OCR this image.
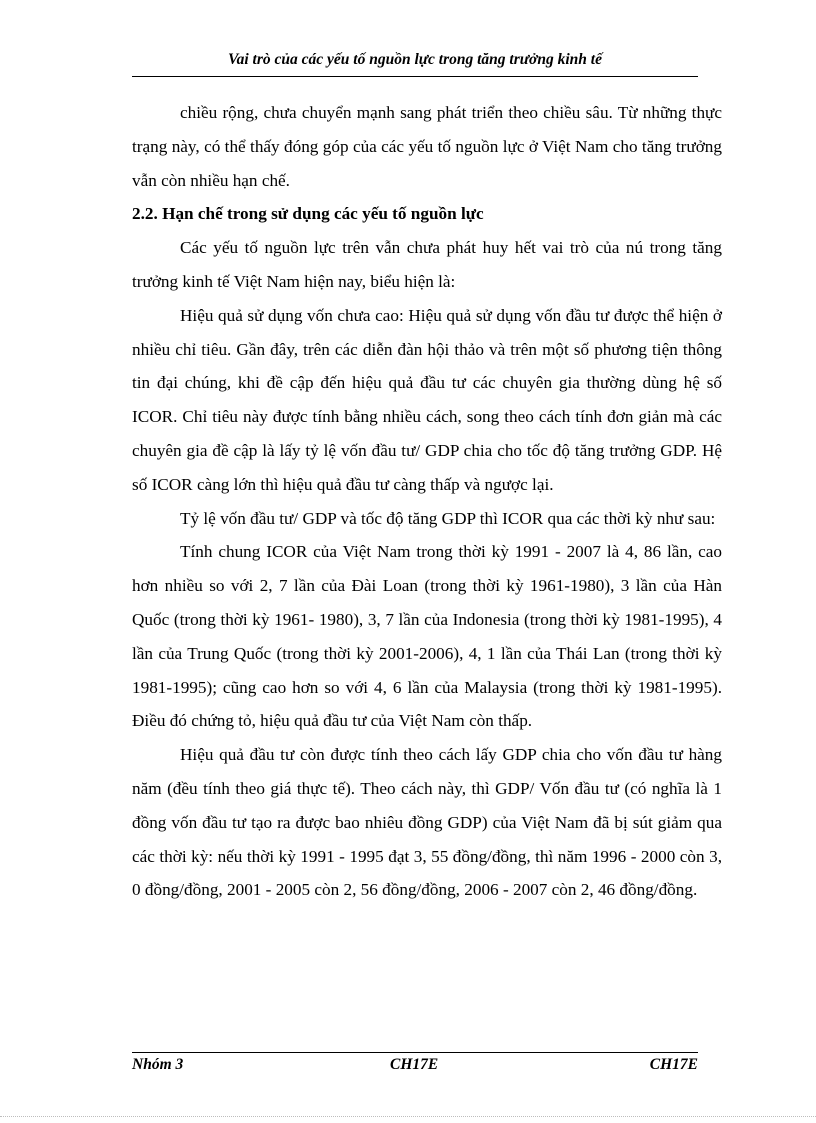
Vai trò của các yếu tố nguồn lực trong tăng trưởng kinh tế

chiều rộng, chưa chuyển mạnh sang phát triển theo chiều sâu. Từ những thực trạng này, có thể thấy đóng góp của các yếu tố nguồn lực ở Việt Nam cho tăng trưởng vẫn còn nhiều hạn chế.

2.2. Hạn chế trong sử dụng các yếu tố nguồn lực

Các yếu tố nguồn lực trên vẫn chưa phát huy hết vai trò của nú trong tăng trưởng kinh tế Việt Nam hiện nay, biểu hiện là:

Hiệu quả sử dụng vốn chưa cao: Hiệu quả sử dụng vốn đầu tư được thể hiện ở nhiều chỉ tiêu. Gần đây, trên các diễn đàn hội thảo và trên một số phương tiện thông tin đại chúng, khi đề cập đến hiệu quả đầu tư các chuyên gia thường dùng hệ số ICOR. Chỉ tiêu này được tính bằng nhiều cách, song theo cách tính đơn giản mà các chuyên gia đề cập là lấy tỷ lệ vốn đầu tư/ GDP chia cho tốc độ tăng trưởng GDP. Hệ số ICOR càng lớn thì hiệu quả đầu tư càng thấp và ngược lại.

Tỷ lệ vốn đầu tư/ GDP và tốc độ tăng GDP thì ICOR qua các thời kỳ như sau:

Tính chung ICOR của Việt Nam trong thời kỳ 1991 - 2007 là 4, 86 lần, cao hơn nhiều so với 2, 7 lần của Đài Loan (trong thời kỳ 1961-1980), 3 lần của Hàn Quốc (trong thời kỳ 1961- 1980), 3, 7 lần của Indonesia (trong thời kỳ 1981-1995), 4 lần của Trung Quốc (trong thời kỳ 2001-2006), 4, 1 lần của Thái Lan (trong thời kỳ 1981-1995); cũng cao hơn so với 4, 6 lần của Malaysia (trong thời kỳ 1981-1995). Điều đó chứng tỏ, hiệu quả đầu tư của Việt Nam còn thấp.

Hiệu quả đầu tư còn được tính theo cách lấy GDP chia cho vốn đầu tư hàng năm (đều tính theo giá thực tế). Theo cách này, thì GDP/ Vốn đầu tư (có nghĩa là 1 đồng vốn đầu tư tạo ra được bao nhiêu đồng GDP) của Việt Nam đã bị sút giảm qua các thời kỳ: nếu thời kỳ 1991 - 1995 đạt 3, 55 đồng/đồng, thì năm 1996 - 2000 còn 3, 0 đồng/đồng, 2001 - 2005 còn 2, 56 đồng/đồng, 2006 - 2007 còn 2, 46 đồng/đồng.

Nhóm 3	CH17E	CH17E
